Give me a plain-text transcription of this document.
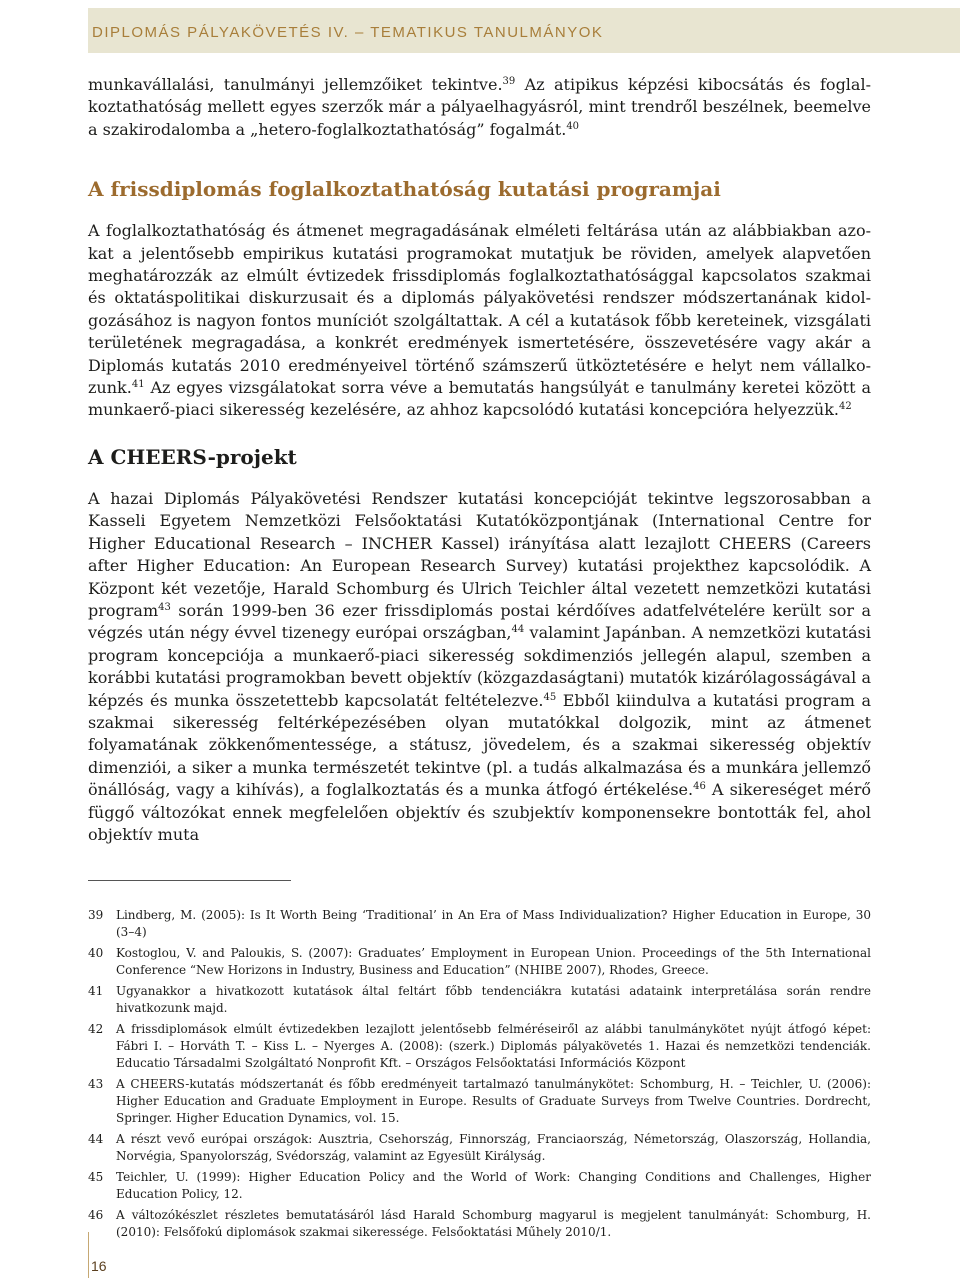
DIPLOMÁS PÁLYAKÖVETÉS IV. – TEMATIKUS TANULMÁNYOK

munkavállalási, tanulmányi jellemzőiket tekintve.$^{39}$ Az atipikus képzési kibocsátás és foglalkoztathatóság mellett egyes szerzők már a pályaelhagyásról, mint trendről beszélnek, beemelve a szakirodalomba a „hetero-foglalkoztathatóság” fogalmát.$^{40}$

A frissdiplomás foglalkoztathatóság kutatási programjai

A foglalkoztathatóság és átmenet megragadásának elméleti feltárása után az alábbiakban azokat a jelentősebb empirikus kutatási programokat mutatjuk be röviden, amelyek alapvetően meghatározzák az elmúlt évtizedek frissdiplomás foglalkoztathatósággal kapcsolatos szakmai és oktatáspolitikai diskurzusait és a diplomás pályakövetési rendszer módszertanának kidolgozásához is nagyon fontos muníciót szolgáltattak. A cél a kutatások főbb kereteinek, vizsgálati területének megragadása, a konkrét eredmények ismertetésére, összevetésére vagy akár a Diplomás kutatás 2010 eredményeivel történő számszerű ütköztetésére e helyt nem vállalkozunk.$^{41}$ Az egyes vizsgálatokat sorra véve a bemutatás hangsúlyát e tanulmány keretei között a munkaerő-piaci sikeresség kezelésére, az ahhoz kapcsolódó kutatási koncepcióra helyezzük.$^{42}$

A CHEERS-projekt

A hazai Diplomás Pályakövetési Rendszer kutatási koncepcióját tekintve legszorosabban a Kasseli Egyetem Nemzetközi Felsőoktatási Kutatóközpontjának (International Centre for Higher Educational Research – INCHER Kassel) irányítása alatt lezajlott CHEERS (Careers after Higher Education: An European Research Survey) kutatási projekthez kapcsolódik. A Központ két vezetője, Harald Schomburg és Ulrich Teichler által vezetett nemzetközi kutatási program$^{43}$ során 1999-ben 36 ezer frissdiplomás postai kérdőíves adatfelvételére került sor a végzés után négy évvel tizenegy európai országban,$^{44}$ valamint Japánban. A nemzetközi kutatási program koncepciója a munkaerő-piaci sikeresség sokdimenziós jellegén alapul, szemben a korábbi kutatási programokban bevett objektív (közgazdaságtani) mutatók kizárólagosságával a képzés és munka összetettebb kapcsolatát feltételezve.$^{45}$ Ebből kiindulva a kutatási program a szakmai sikeresség feltérképezésében olyan mutatókkal dolgozik, mint az átmenet folyamatának zökkenőmentessége, a státusz, jövedelem, és a szakmai sikeresség objektív dimenziói, a siker a munka természetét tekintve (pl. a tudás alkalmazása és a munkára jellemző önállóság, vagy a kihívás), a foglalkoztatás és a munka átfogó értékelése.$^{46}$ A sikereséget mérő függő változókat ennek megfelelően objektív és szubjektív komponensekre bontották fel, ahol objektív muta

39	Lindberg, M. (2005): Is It Worth Being ‘Traditional’ in An Era of Mass Individualization? Higher Education in Europe, 30 (3–4)
40	Kostoglou, V. and Paloukis, S. (2007): Graduates’ Employment in European Union. Proceedings of the 5th International Conference “New Horizons in Industry, Business and Education” (NHIBE 2007), Rhodes, Greece.
41	Ugyanakkor a hivatkozott kutatások által feltárt főbb tendenciákra kutatási adataink interpretálása során rendre hivatkozunk majd.
42	A frissdiplomások elmúlt évtizedekben lezajlott jelentősebb felméréseiről az alábbi tanulmánykötet nyújt átfogó képet: Fábri I. – Horváth T. – Kiss L. – Nyerges A. (2008): (szerk.) Diplomás pályakövetés 1. Hazai és nemzetközi tendenciák. Educatio Társadalmi Szolgáltató Nonprofit Kft. – Országos Felsőoktatási Információs Központ
43	A CHEERS-kutatás módszertanát és főbb eredményeit tartalmazó tanulmánykötet: Schomburg, H. – Teichler, U. (2006): Higher Education and Graduate Employment in Europe. Results of Graduate Surveys from Twelve Countries. Dordrecht, Springer. Higher Education Dynamics, vol. 15.
44	A részt vevő európai országok: Ausztria, Csehország, Finnország, Franciaország, Németország, Olaszország, Hollandia, Norvégia, Spanyolország, Svédország, valamint az Egyesült Királyság.
45	Teichler, U. (1999): Higher Education Policy and the World of Work: Changing Conditions and Challenges, Higher Education Policy, 12.
46	A változókészlet részletes bemutatásáról lásd Harald Schomburg magyarul is megjelent tanulmányát: Schomburg, H. (2010): Felsőfokú diplomások szakmai sikeressége. Felsőoktatási Műhely 2010/1.
16
